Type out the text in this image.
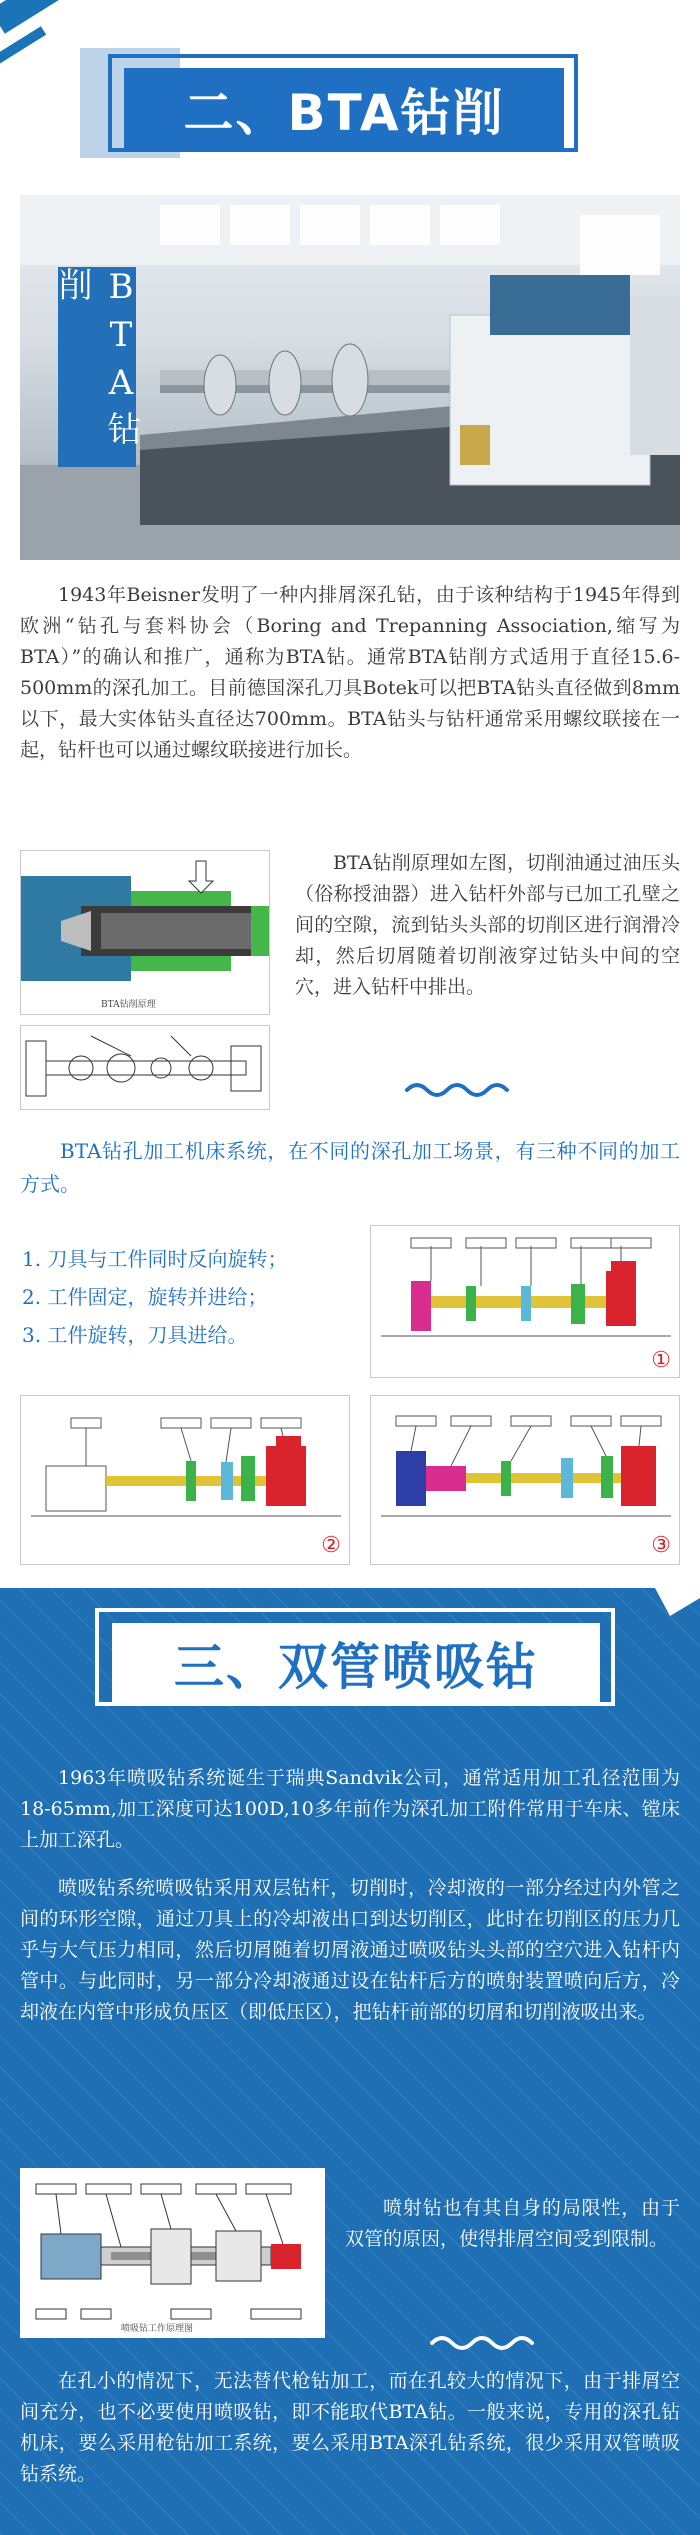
二、BTA钻削
BTA钻削

1943年Beisner发明了一种内排屑深孔钻，由于该种结构于1945年得到欧洲“钻孔与套料协会（Boring and Trepanning Association,缩写为BTA）”的确认和推广，通称为BTA钻。通常BTA钻削方式适用于直径15.6-500mm的深孔加工。目前德国深孔刀具Botek可以把BTA钻头直径做到8mm以下，最大实体钻头直径达700mm。BTA钻头与钻杆通常采用螺纹联接在一起，钻杆也可以通过螺纹联接进行加长。

BTA钻削原理

BTA钻削原理如左图，切削油通过油压头（俗称授油器）进入钻杆外部与已加工孔壁之间的空隙，流到钻头头部的切削区进行润滑冷却，然后切屑随着切削液穿过钻头中间的空穴，进入钻杆中排出。

BTA钻孔加工机床系统，在不同的深孔加工场景，有三种不同的加工方式。

1. 刀具与工件同时反向旋转；
2. 工件固定，旋转并进给；
3. 工件旋转，刀具进给。
①
②	③
三、双管喷吸钻

1963年喷吸钻系统诞生于瑞典Sandvik公司，通常适用加工孔径范围为18-65mm,加工深度可达100D,10多年前作为深孔加工附件常用于车床、镗床上加工深孔。

喷吸钻系统喷吸钻采用双层钻杆，切削时，冷却液的一部分经过内外管之间的环形空隙，通过刀具上的冷却液出口到达切削区，此时在切削区的压力几乎与大气压力相同，然后切屑随着切屑液通过喷吸钻头头部的空穴进入钻杆内管中。与此同时，另一部分冷却液通过设在钻杆后方的喷射装置喷向后方，冷却液在内管中形成负压区（即低压区），把钻杆前部的切屑和切削液吸出来。

喷吸钻工作原理图

喷射钻也有其自身的局限性，由于双管的原因，使得排屑空间受到限制。

在孔小的情况下，无法替代枪钻加工，而在孔较大的情况下，由于排屑空间充分，也不必要使用喷吸钻，即不能取代BTA钻。一般来说，专用的深孔钻机床，要么采用枪钻加工系统，要么采用BTA深孔钻系统，很少采用双管喷吸钻系统。
